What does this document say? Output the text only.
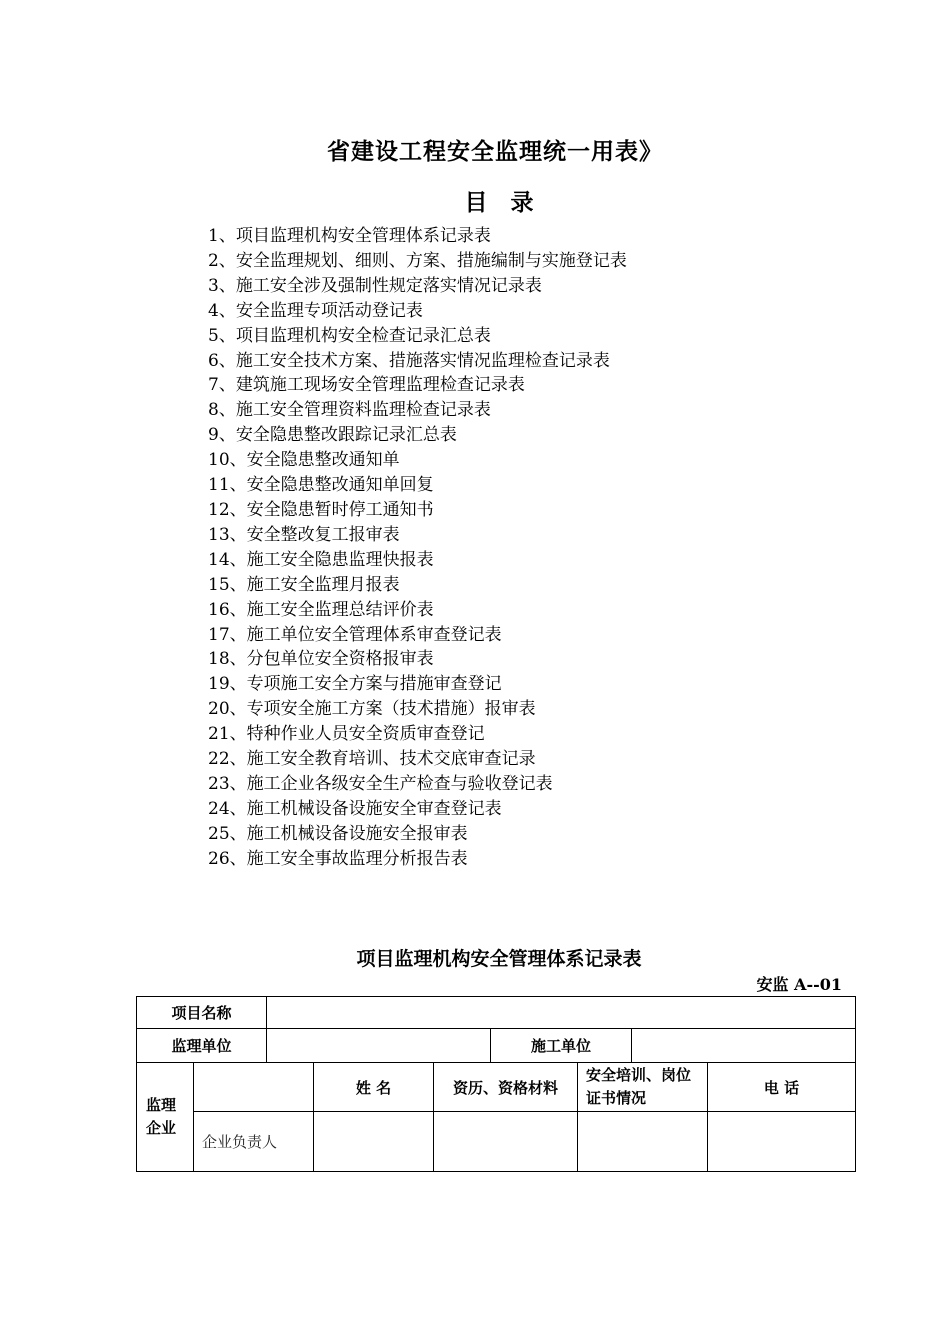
省建设工程安全监理统一用表》
目　录
1、项目监理机构安全管理体系记录表
2、安全监理规划、细则、方案、措施编制与实施登记表
3、施工安全涉及强制性规定落实情况记录表
4、安全监理专项活动登记表
5、项目监理机构安全检查记录汇总表
6、施工安全技术方案、措施落实情况监理检查记录表
7、建筑施工现场安全管理监理检查记录表
8、施工安全管理资料监理检查记录表
9、安全隐患整改跟踪记录汇总表
10、安全隐患整改通知单
11、安全隐患整改通知单回复
12、安全隐患暂时停工通知书
13、安全整改复工报审表
14、施工安全隐患监理快报表
15、施工安全监理月报表
16、施工安全监理总结评价表
17、施工单位安全管理体系审查登记表
18、分包单位安全资格报审表
19、专项施工安全方案与措施审查登记
20、专项安全施工方案（技术措施）报审表
21、特种作业人员安全资质审查登记
22、施工安全教育培训、技术交底审查记录
23、施工企业各级安全生产检查与验收登记表
24、施工机械设备设施安全审查登记表
25、施工机械设备设施安全报审表
26、施工安全事故监理分析报告表
项目监理机构安全管理体系记录表
安监 A--01
项目名称								
监理单位					施工单位			
监理
企业			姓 名	资历、资格材料		安全培训、岗位证书情况		电 话
	企业负责人							
